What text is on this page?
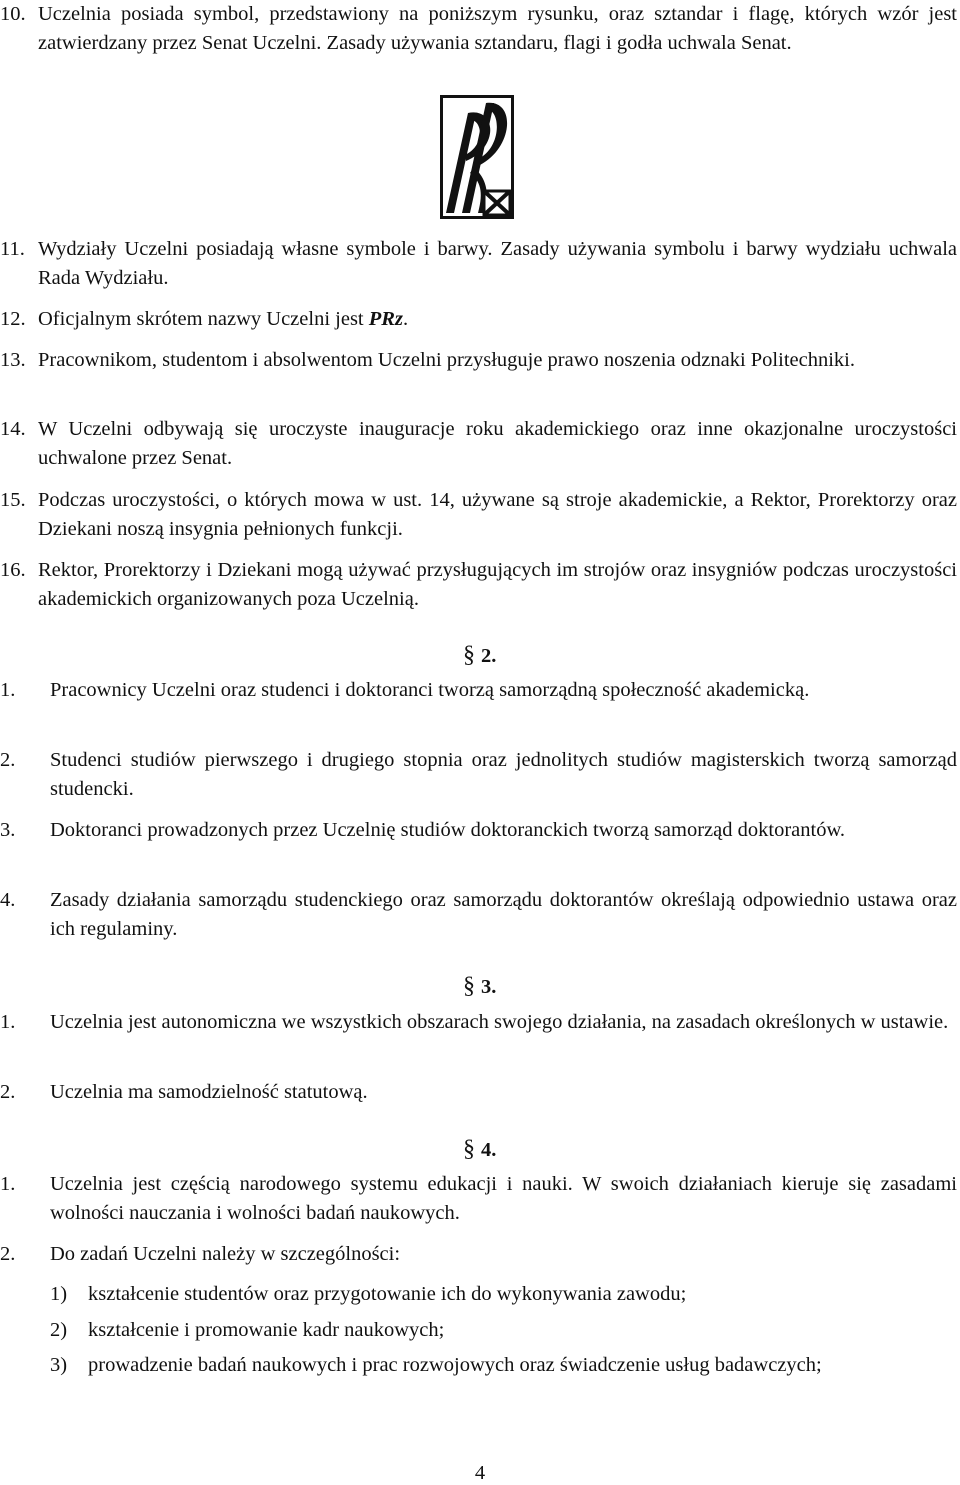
10. Uczelnia posiada symbol, przedstawiony na poniższym rysunku, oraz sztandar i flagę, których wzór jest zatwierdzany przez Senat Uczelni. Zasady używania sztandaru, flagi i godła uchwala Senat.
11. Wydziały Uczelni posiadają własne symbole i barwy. Zasady używania symbolu i barwy wydziału uchwala Rada Wydziału.
12. Oficjalnym skrótem nazwy Uczelni jest PRz.
13. Pracownikom, studentom i absolwentom Uczelni przysługuje prawo noszenia odznaki Politechniki.
14. W Uczelni odbywają się uroczyste inauguracje roku akademickiego oraz inne okazjonalne uroczystości uchwalone przez Senat.
15. Podczas uroczystości, o których mowa w ust. 14, używane są stroje akademickie, a Rektor, Prorektorzy oraz Dziekani noszą insygnia pełnionych funkcji.
16. Rektor, Prorektorzy i Dziekani mogą używać przysługujących im strojów oraz insygniów podczas uroczystości akademickich organizowanych poza Uczelnią.
§ 2.
1.	Pracownicy Uczelni oraz studenci i doktoranci tworzą samorządną społeczność akademicką.
2.	Studenci studiów pierwszego i drugiego stopnia oraz jednolitych studiów magisterskich tworzą samorząd studencki.
3.	Doktoranci prowadzonych przez Uczelnię studiów doktoranckich tworzą samorząd doktorantów.
4.	Zasady działania samorządu studenckiego oraz samorządu doktorantów określają odpowiednio ustawa oraz ich regulaminy.
§ 3.
1.	Uczelnia jest autonomiczna we wszystkich obszarach swojego działania, na zasadach określonych w ustawie.
2.	Uczelnia ma samodzielność statutową.
§ 4.
1.	Uczelnia jest częścią narodowego systemu edukacji i nauki. W swoich działaniach kieruje się zasadami wolności nauczania i wolności badań naukowych.
2.	Do zadań Uczelni należy w szczególności:
1)	kształcenie studentów oraz przygotowanie ich do wykonywania zawodu;
2)	kształcenie i promowanie kadr naukowych;
3)	prowadzenie badań naukowych i prac rozwojowych oraz świadczenie usług badawczych;
4
